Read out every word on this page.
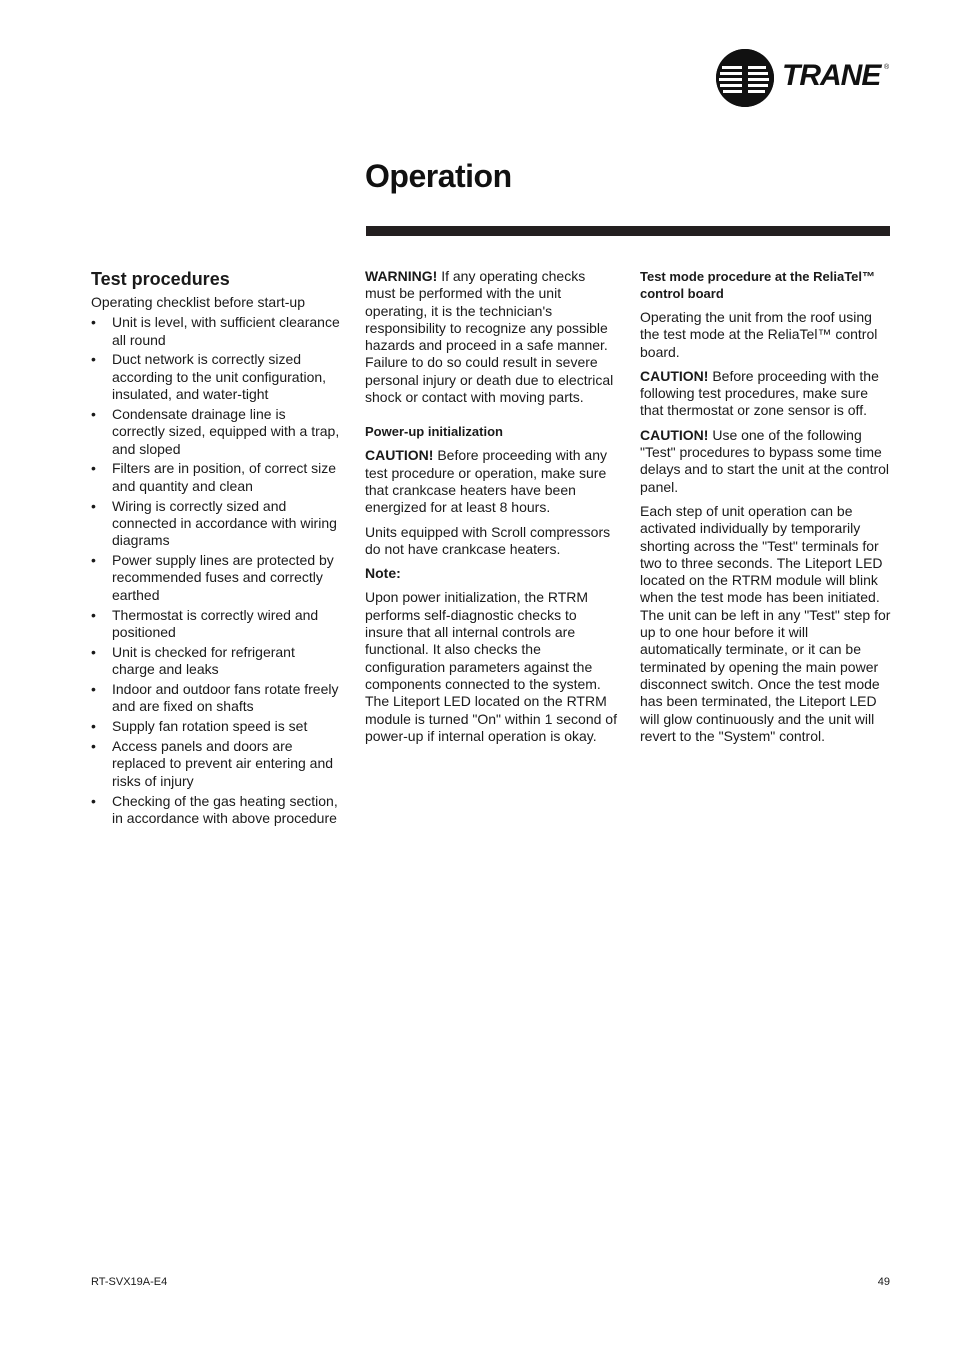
TRANE ®
Operation
Test procedures
Operating checklist before start-up
• Unit is level, with sufficient clearance all round
• Duct network is correctly sized according to the unit configuration, insulated, and water-tight
• Condensate drainage line is correctly sized, equipped with a trap, and sloped
• Filters are in position, of correct size and quantity and clean
• Wiring is correctly sized and connected in accordance with wiring diagrams
• Power supply lines are protected by recommended fuses and correctly earthed
• Thermostat is correctly wired and positioned
• Unit is checked for refrigerant charge and leaks
• Indoor and outdoor fans rotate freely and are fixed on shafts
• Supply fan rotation speed is set
• Access panels and doors are replaced to prevent air entering and risks of injury
• Checking of the gas heating section, in accordance with above procedure

WARNING! If any operating checks must be performed with the unit operating, it is the technician's responsibility to recognize any possible hazards and proceed in a safe manner. Failure to do so could result in severe personal injury or death due to electrical shock or contact with moving parts.

Power-up initialization

CAUTION! Before proceeding with any test procedure or operation, make sure that crankcase heaters have been energized for at least 8 hours.

Units equipped with Scroll compressors do not have crankcase heaters.

Note:

Upon power initialization, the RTRM performs self-diagnostic checks to insure that all internal controls are functional. It also checks the configuration parameters against the components connected to the system. The Liteport LED located on the RTRM module is turned "On" within 1 second of power-up if internal operation is okay.

Test mode procedure at the ReliaTel™ control board

Operating the unit from the roof using the test mode at the ReliaTel™ control board.

CAUTION! Before proceeding with the following test procedures, make sure that thermostat or zone sensor is off.

CAUTION! Use one of the following "Test" procedures to bypass some time delays and to start the unit at the control panel.

Each step of unit operation can be activated individually by temporarily shorting across the "Test" terminals for two to three seconds. The Liteport LED located on the RTRM module will blink when the test mode has been initiated. The unit can be left in any "Test" step for up to one hour before it will automatically terminate, or it can be terminated by opening the main power disconnect switch. Once the test mode has been terminated, the Liteport LED will glow continuously and the unit will revert to the "System" control.

RT-SVX19A-E4	49
